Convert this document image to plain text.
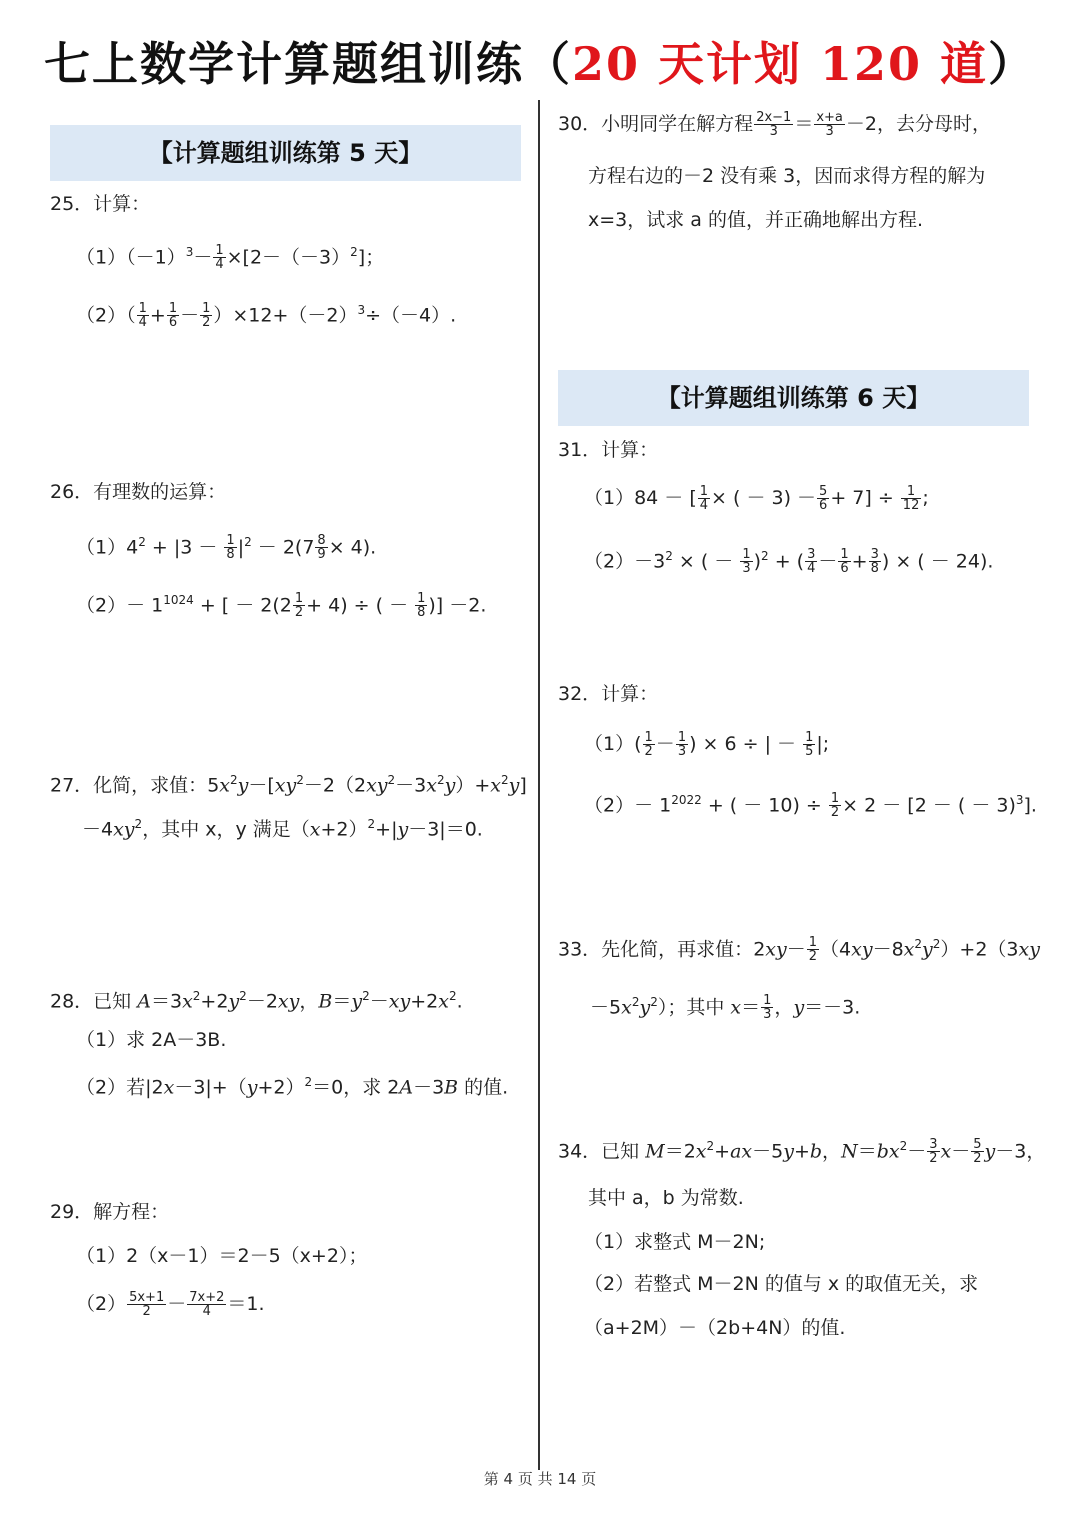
七上数学计算题组训练（20 天计划 120 道）
【计算题组训练第 5 天】
25．计算：
$(1)(-1)^3- \frac{1}{4} \times[2-(-3)^2]$；
$(2)( \frac{1}{4} + \frac{1}{6} - \frac{1}{2} )\times 12+(-2)^3\div(-4)$.
26．有理数的运算：
$(1)4^2 + |3 - \frac{1}{8} |^2 - 2(7 \frac{8}{9} \times 4)$.
$(2)- 1^{1024}$ + [ － $2(2 \frac{1}{2} + 4)$ ÷ ( － $\frac{1}{8}$ )] －2.
27．化简，求值：$5x^2y-[xy^2-2(2xy^2-3x^2y)+x^2y]$
$-4xy^2$，其中 x，y 满足$(x+2)^2+|y-3|=0$.
28．已知 $A=3x^2+2y^2-2xy$，$B=y^2-xy+2x^2$.
（1）求 2A－3B.
（2）若$|2x-3|+(y+2)^2=0$，求 2A－3B 的值.
29．解方程：
（1）2（x－1）＝2－5（x+2）；
$(2) \frac{5x+1}{2} - \frac{7x+2}{4} =1$.
30．小明同学在解方程 $\frac{2x-1}{3} = \frac{x+a}{3} -2$，去分母时，
方程右边的－2 没有乘 3，因而求得方程的解为
x=3，试求 a 的值，并正确地解出方程.
【计算题组训练第 6 天】
31．计算：
（1）84 － [ $\frac{1}{4}$ × ( － $3) - \frac{5}{6} + 7] \div \frac{1}{12}$ ;
$(2)-3^2$ × ( － $\frac{1}{3} )^2$ + ( $\frac{3}{4} - \frac{1}{6} + \frac{3}{8}$ ) × ( － 24).
32．计算：
$(1)( \frac{1}{2} - \frac{1}{3}$ ) × 6 ÷ | － $\frac{1}{5}$ |;
$(2)- 1^{2022}$ + ( － $10) \div \frac{1}{2} \times 2 - [2$ － ( － 3)$^3$].
33．先化简，再求值：$2xy- \frac{1}{2} (4xy-8x^2y^2)+2(3xy$
$-5x^2y^2$）；其中 $x= \frac{1}{3}$ ，y＝－3.
34．已知 $M=2x^2+ax-5y+b$，$N=bx^2- \frac{3}{2} x- \frac{5}{2} y-3$，
其中 a，b 为常数.
（1）求整式 M－2N;
（2）若整式 M－2N 的值与 x 的取值无关，求
（a+2M）－（2b+4N）的值.
第 4 页 共 14 页
